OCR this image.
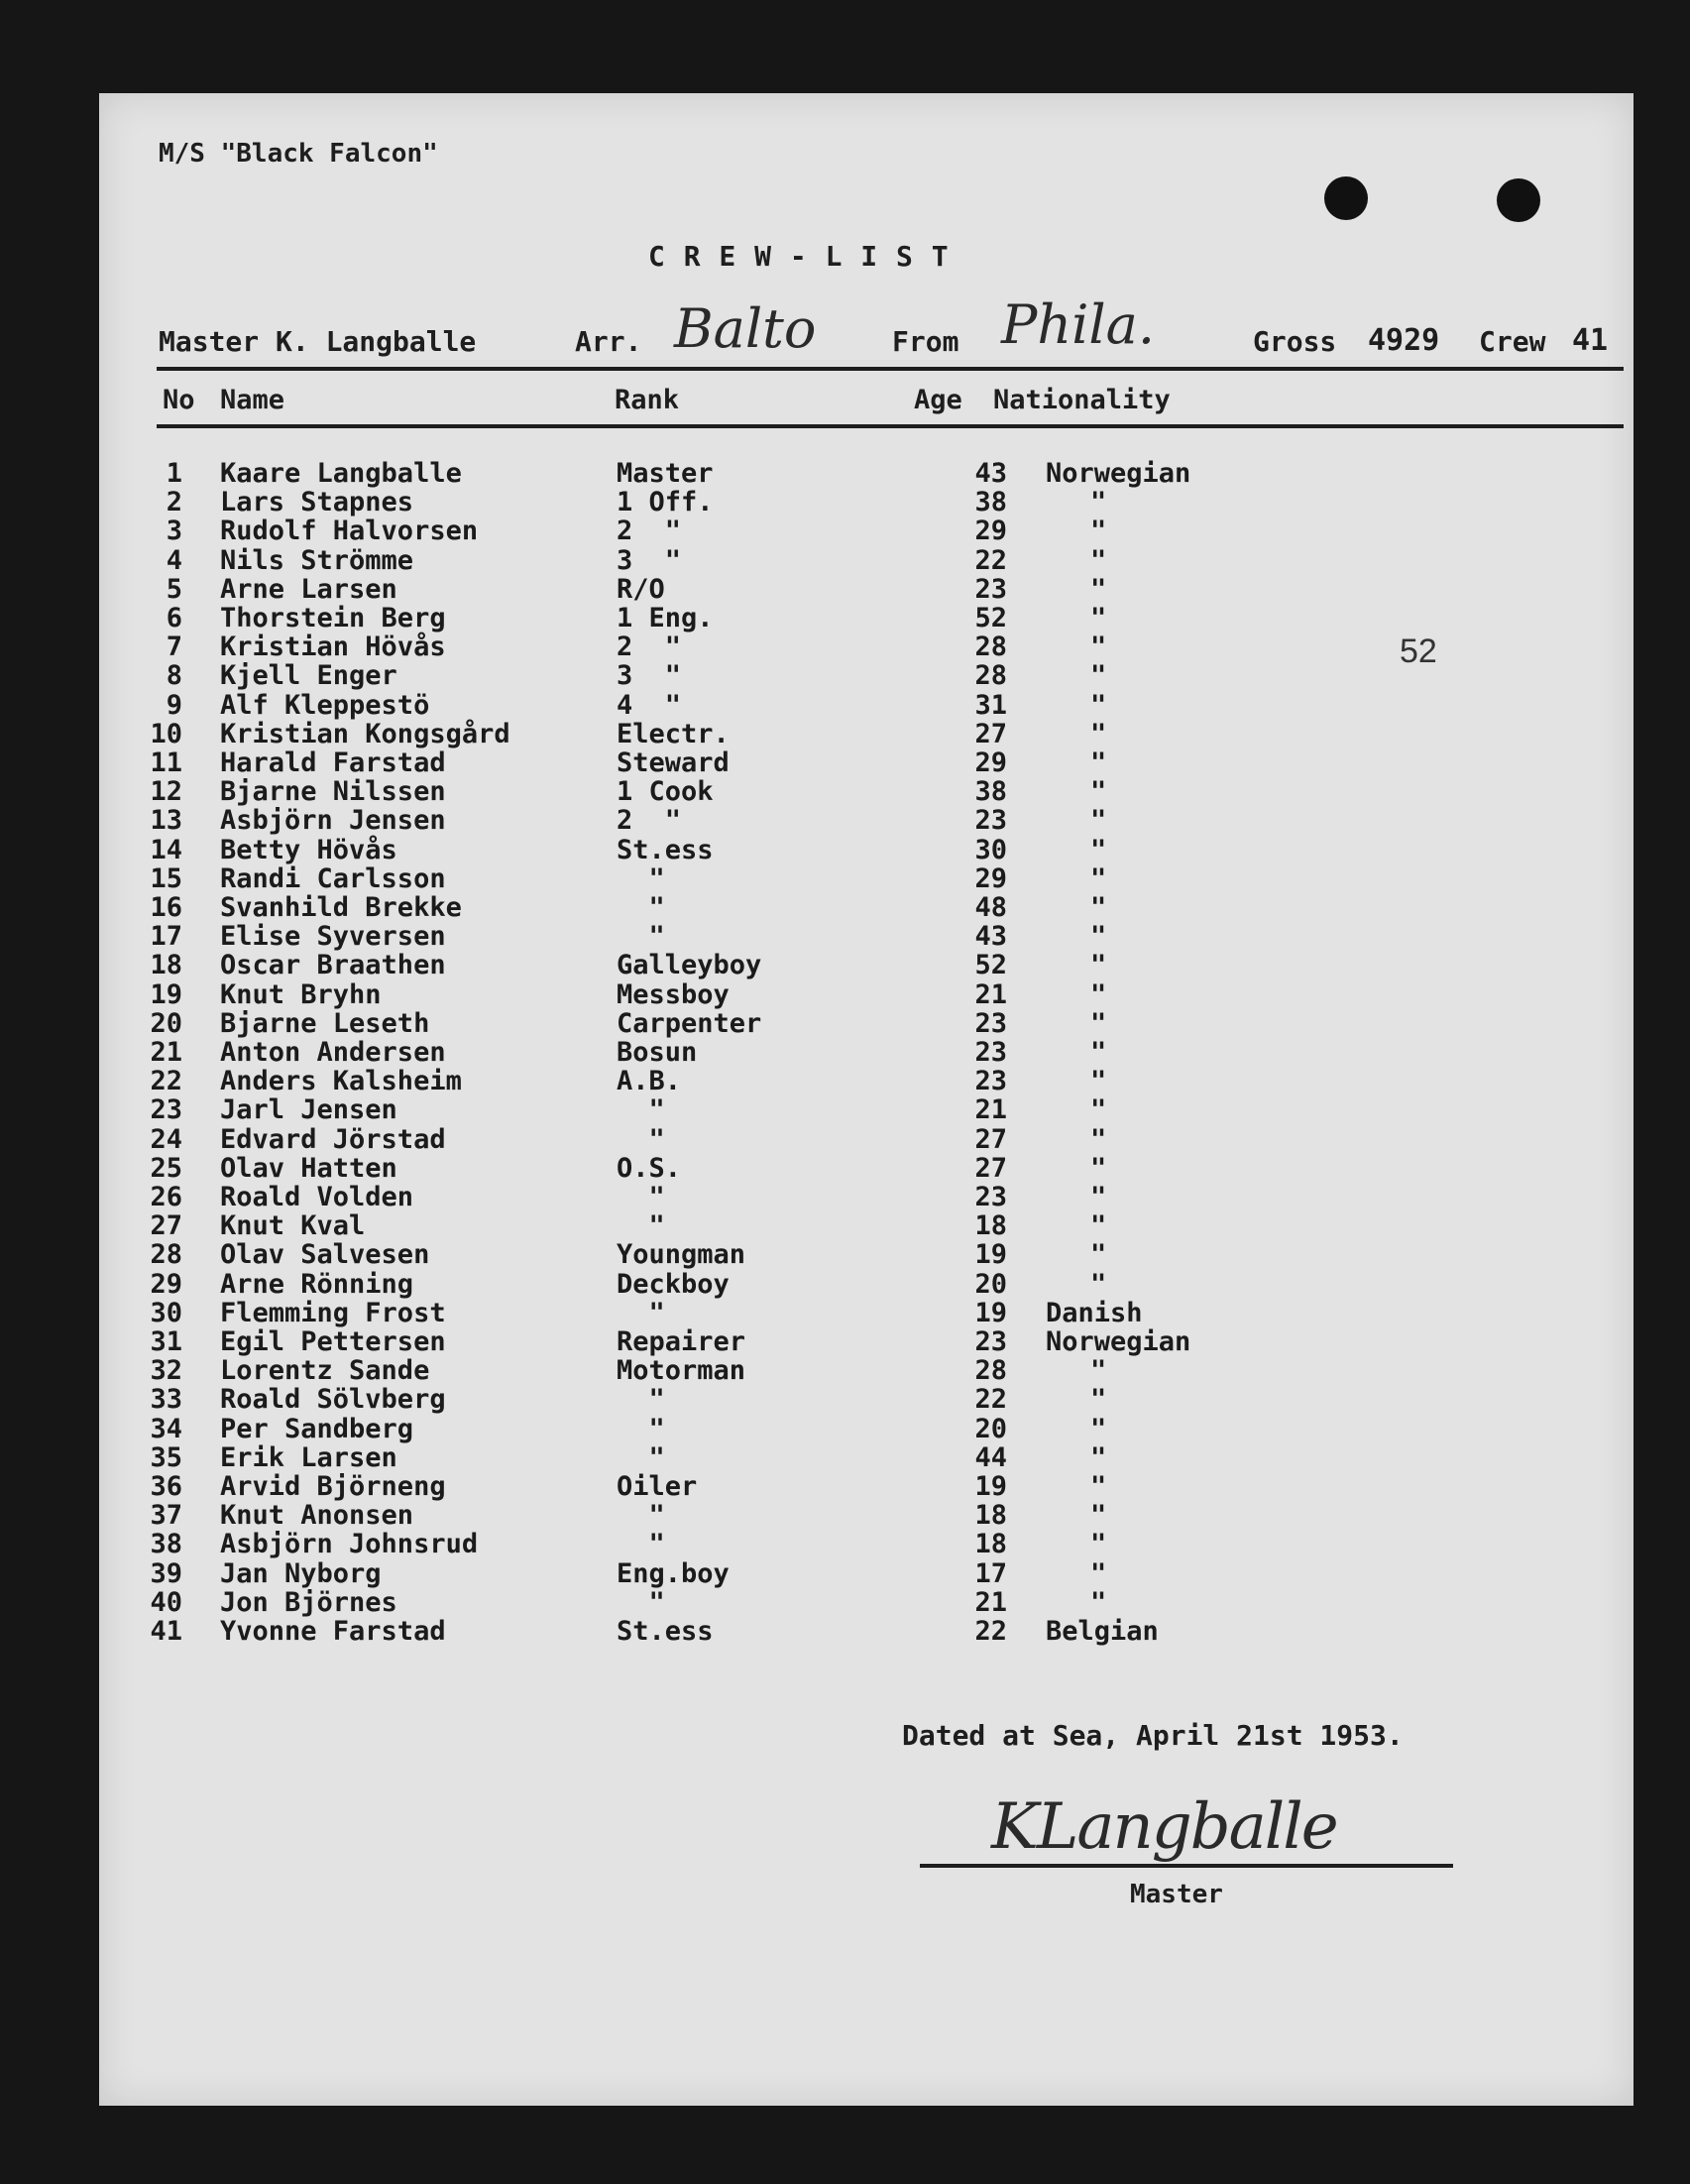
M/S "Black Falcon"
C R E W - L I S T
Master K. Langballe	Arr. Balto	From Phila.	Gross 4929 Crew 41
No Name	Rank	Age Nationality
52
1 Kaare Langballe	Master	43 Norwegian
2 Lars Stapnes	1 Off.	38	"
3 Rudolf Halvorsen	2  "	29	"
4 Nils Strömme	3  "	22	"
5 Arne Larsen	R/O	23	"
6 Thorstein Berg	1 Eng.	52	"
7 Kristian Hövås	2  "	28	"
8 Kjell Enger	3  "	28	"
9 Alf Kleppestö	4  "	31	"
10 Kristian Kongsgård	Electr.	27	"
11 Harald Farstad	Steward	29	"
12 Bjarne Nilssen	1 Cook	38	"
13 Asbjörn Jensen	2  "	23	"
14 Betty Hövås	St.ess	30	"
15 Randi Carlsson	"	29	"
16 Svanhild Brekke	"	48	"
17 Elise Syversen	"	43	"
18 Oscar Braathen	Galleyboy	52	"
19 Knut Bryhn	Messboy	21	"
20 Bjarne Leseth	Carpenter	23	"
21 Anton Andersen	Bosun	23	"
22 Anders Kalsheim	A.B.	23	"
23 Jarl Jensen	"	21	"
24 Edvard Jörstad	"	27	"
25 Olav Hatten	O.S.	27	"
26 Roald Volden	"	23	"
27 Knut Kval	"	18	"
28 Olav Salvesen	Youngman	19	"
29 Arne Rönning	Deckboy	20	"
30 Flemming Frost	"	19 Danish
31 Egil Pettersen	Repairer	23 Norwegian
32 Lorentz Sande	Motorman	28	"
33 Roald Sölvberg	"	22	"
34 Per Sandberg	"	20	"
35 Erik Larsen	"	44	"
36 Arvid Björneng	Oiler	19	"
37 Knut Anonsen	"	18	"
38 Asbjörn Johnsrud	"	18	"
39 Jan Nyborg	Eng.boy	17	"
40 Jon Björnes	"	21	"
41 Yvonne Farstad	St.ess	22 Belgian
Dated at Sea, April 21st 1953.
KLangballe
Master
